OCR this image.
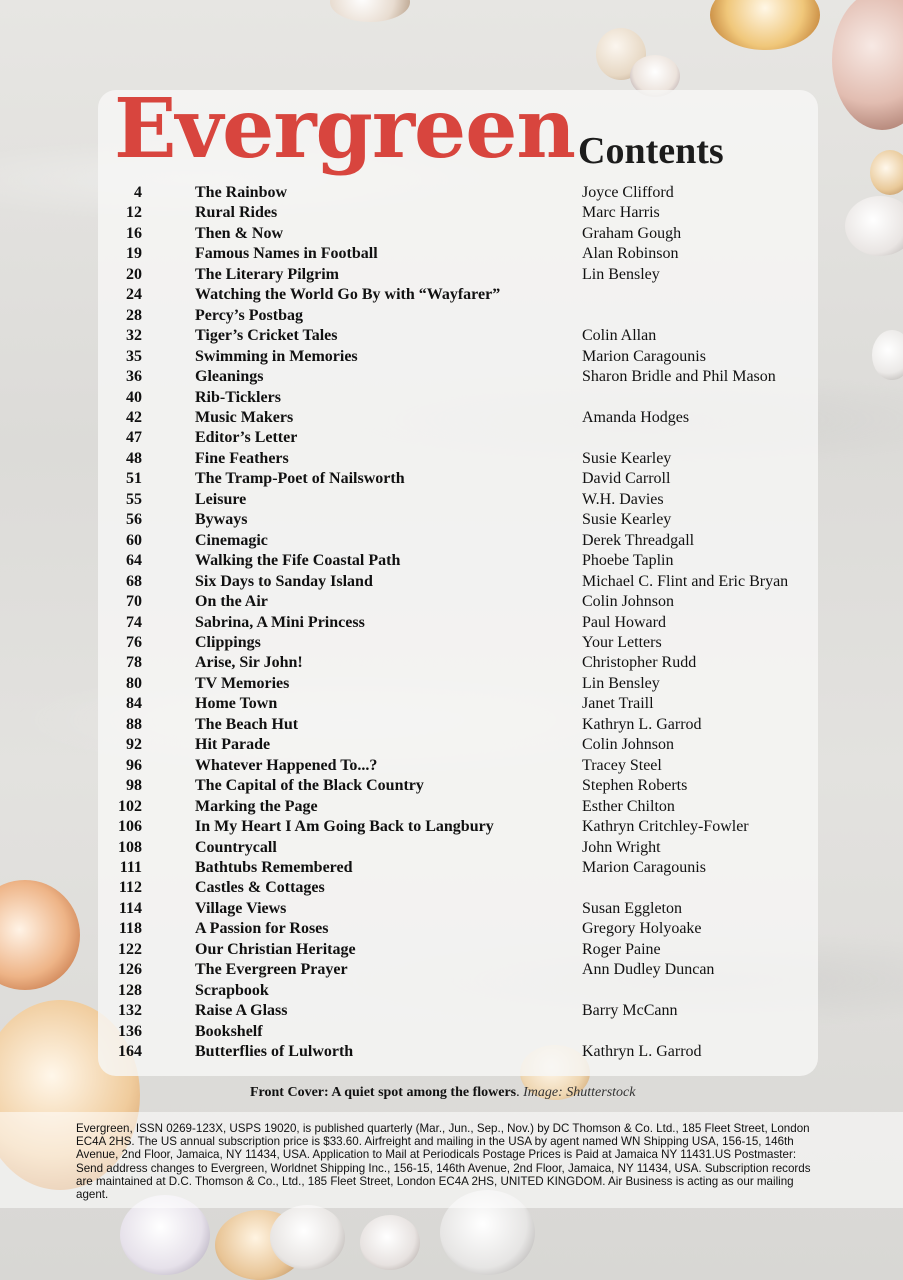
Evergreen Contents
4	The Rainbow	Joyce Clifford
12	Rural Rides	Marc Harris
16	Then & Now	Graham Gough
19	Famous Names in Football	Alan Robinson
20	The Literary Pilgrim	Lin Bensley
24	Watching the World Go By with “Wayfarer”
28	Percy’s Postbag
32	Tiger’s Cricket Tales	Colin Allan
35	Swimming in Memories	Marion Caragounis
36	Gleanings	Sharon Bridle and Phil Mason
40	Rib-Ticklers
42	Music Makers	Amanda Hodges
47	Editor’s Letter
48	Fine Feathers	Susie Kearley
51	The Tramp-Poet of Nailsworth	David Carroll
55	Leisure	W.H. Davies
56	Byways	Susie Kearley
60	Cinemagic	Derek Threadgall
64	Walking the Fife Coastal Path	Phoebe Taplin
68	Six Days to Sanday Island	Michael C. Flint and Eric Bryan
70	On the Air	Colin Johnson
74	Sabrina, A Mini Princess	Paul Howard
76	Clippings	Your Letters
78	Arise, Sir John!	Christopher Rudd
80	TV Memories	Lin Bensley
84	Home Town	Janet Traill
88	The Beach Hut	Kathryn L. Garrod
92	Hit Parade	Colin Johnson
96	Whatever Happened To...?	Tracey Steel
98	The Capital of the Black Country	Stephen Roberts
102	Marking the Page	Esther Chilton
106	In My Heart I Am Going Back to Langbury	Kathryn Critchley-Fowler
108	Countrycall	John Wright
111	Bathtubs Remembered	Marion Caragounis
112	Castles & Cottages
114	Village Views	Susan Eggleton
118	A Passion for Roses	Gregory Holyoake
122	Our Christian Heritage	Roger Paine
126	The Evergreen Prayer	Ann Dudley Duncan
128	Scrapbook
132	Raise A Glass	Barry McCann
136	Bookshelf
164	Butterflies of Lulworth	Kathryn L. Garrod
Front Cover: A quiet spot among the flowers. Image: Shutterstock
Evergreen, ISSN 0269-123X, USPS 19020, is published quarterly (Mar., Jun., Sep., Nov.) by DC Thomson & Co. Ltd., 185 Fleet Street, London EC4A 2HS. The US annual subscription price is $33.60. Airfreight and mailing in the USA by agent named WN Shipping USA, 156-15, 146th Avenue, 2nd Floor, Jamaica, NY 11434, USA. Application to Mail at Periodicals Postage Prices is Paid at Jamaica NY 11431.US Postmaster: Send address changes to Evergreen, Worldnet Shipping Inc., 156-15, 146th Avenue, 2nd Floor, Jamaica, NY 11434, USA. Subscription records are maintained at D.C. Thomson & Co., Ltd., 185 Fleet Street, London EC4A 2HS, UNITED KINGDOM. Air Business is acting as our mailing agent.
